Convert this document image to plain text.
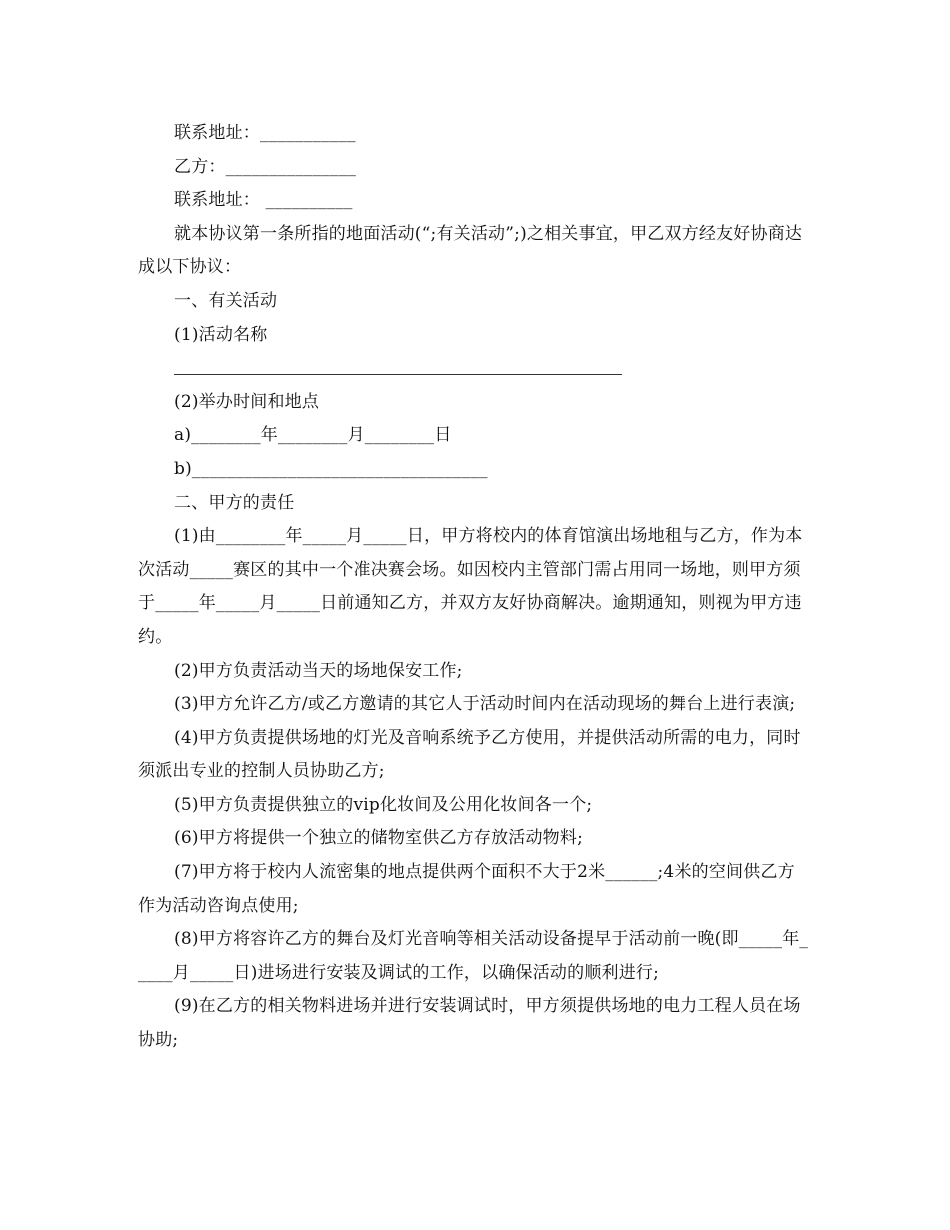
联系地址：___________

乙方：_______________

联系地址： __________

就本协议第一条所指的地面活动(“;有关活动”;)之相关事宜，甲乙双方经友好协商达成以下协议：

一、有关活动

(1)活动名称

(2)举办时间和地点

a)________年________月________日

b)__________________________________

二、甲方的责任

(1)由________年_____月_____日，甲方将校内的体育馆演出场地租与乙方，作为本次活动_____赛区的其中一个准决赛会场。如因校内主管部门需占用同一场地，则甲方须于_____年_____月_____日前通知乙方，并双方友好协商解决。逾期通知，则视为甲方违约。

(2)甲方负责活动当天的场地保安工作;

(3)甲方允许乙方/或乙方邀请的其它人于活动时间内在活动现场的舞台上进行表演;

(4)甲方负责提供场地的灯光及音响系统予乙方使用，并提供活动所需的电力，同时须派出专业的控制人员协助乙方;

(5)甲方负责提供独立的vip化妆间及公用化妆间各一个;

(6)甲方将提供一个独立的储物室供乙方存放活动物料;

(7)甲方将于校内人流密集的地点提供两个面积不大于2米______;4米的空间供乙方作为活动咨询点使用;

(8)甲方将容许乙方的舞台及灯光音响等相关活动设备提早于活动前一晚(即_____年_____月_____日)进场进行安装及调试的工作，以确保活动的顺利进行;

(9)在乙方的相关物料进场并进行安装调试时，甲方须提供场地的电力工程人员在场协助;
